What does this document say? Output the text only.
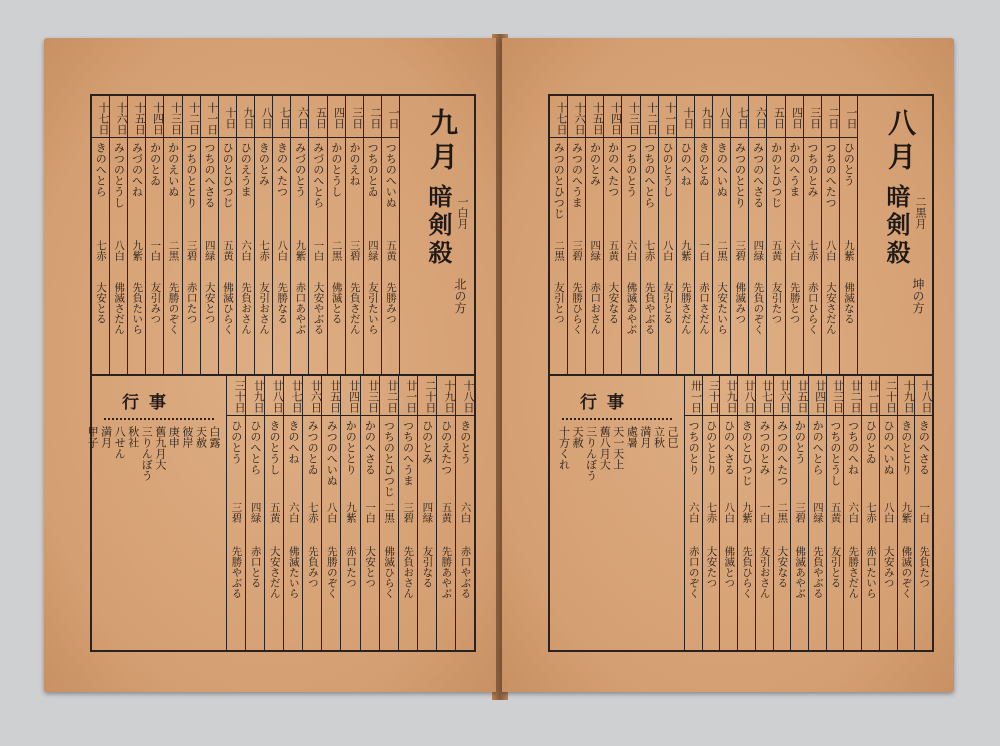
九月
暗剣殺 一白月
北の方
一日
つちのへいぬ
五黄
先勝みつ
二日
つちのとゐ
四緑
友引たいら
三日
かのえね
三碧
先負さだん
四日
かのとうし
二黒
佛滅とる
五日
みづのへとら
一白
大安やぶる
六日
みづのとう
九紫
赤口あやぶ
七日
きのへたつ
八白
先勝なる
八日
きのとみ
七赤
友引おさん
九日
ひのえうま
六白
先負おさん
十日
ひのとひつじ
五黄
佛滅ひらく
十一日
つちのへさる
四緑
大安とつ
十二日
つちのととり
三碧
赤口たつ
十三日
かのえいぬ
二黒
先勝のぞく
十四日
かのとゐ
一白
友引みつ
十五日
みづのへね
九紫
先負たいら
十六日
みつのとうし
八白
佛滅さだん
十七日
きのへとら
七赤
大安とる
十八日
きのとう
六白
赤口やぶる
十九日
ひのえたつ
五黄
先勝あやぶ
二十日
ひのとみ
四緑
友引なる
廿一日
つちのへうま
三碧
先負おさん
廿二日
つちのとひつじ
二黒
佛滅ひらく
廿三日
かのへさる
一白
大安とつ
廿四日
かのととり
九紫
赤口たつ
廿五日
みつのへいぬ
八白
先勝のぞく
廿六日
みつのとゐ
七赤
先負みつ
廿七日
きのへね
六白
佛滅たいら
廿八日
きのとうし
五黄
大安さだん
廿九日
ひのへとら
四緑
赤口とる
三十日
ひのとう
三碧
先勝やぶる
行事
白露
天赦
彼岸
庚申
舊九月大
三りんぼう
秋社
八せん
満月
甲子
八月
暗剣殺 二黒月
坤の方
一日
ひのとう
九紫
佛滅なる
二日
つちのへたつ
八白
大安さだん
三日
つちのとみ
七赤
赤口ひらく
四日
かのへうま
六白
先勝とつ
五日
かのとひつじ
五黄
友引たつ
六日
みつのへさる
四緑
先負のぞく
七日
みつのととり
三碧
佛滅みつ
八日
きのへいぬ
二黒
大安たいら
九日
きのとゐ
一白
赤口さだん
十日
ひのへね
九紫
先勝さだん
十一日
ひのとうし
八白
友引とる
十二日
つちのへとら
七赤
先負やぶる
十三日
つちのとう
六白
佛滅あやぶ
十四日
かのへたつ
五黄
大安なる
十五日
かのとみ
四緑
赤口おさん
十六日
みつのへうま
三碧
先勝ひらく
十七日
みつのとひつじ
二黒
友引とつ
十八日
きのへさる
一白
先負たつ
十九日
きのととり
九紫
佛滅のぞく
二十日
ひのへいぬ
八白
大安みつ
廿一日
ひのとゐ
七赤
赤口たいら
廿二日
つちのへね
六白
先勝さだん
廿三日
つちのとうし
五黄
友引とる
廿四日
かのへとら
四緑
先負やぶる
廿五日
かのとう
三碧
佛滅あやぶ
廿六日
みつのへたつ
二黒
大安なる
廿七日
みつのとみ
一白
友引おさん
廿八日
きのとひつじ
九紫
先負ひらく
廿九日
ひのへさる
八白
佛滅とつ
三十日
ひのととり
七赤
大安たつ
卅一日
つちのとり
六白
赤口のぞく
行事
己巳
立秋
満月
處暑
天一天上
舊八月大
三りんぼう
天赦
十方くれ
